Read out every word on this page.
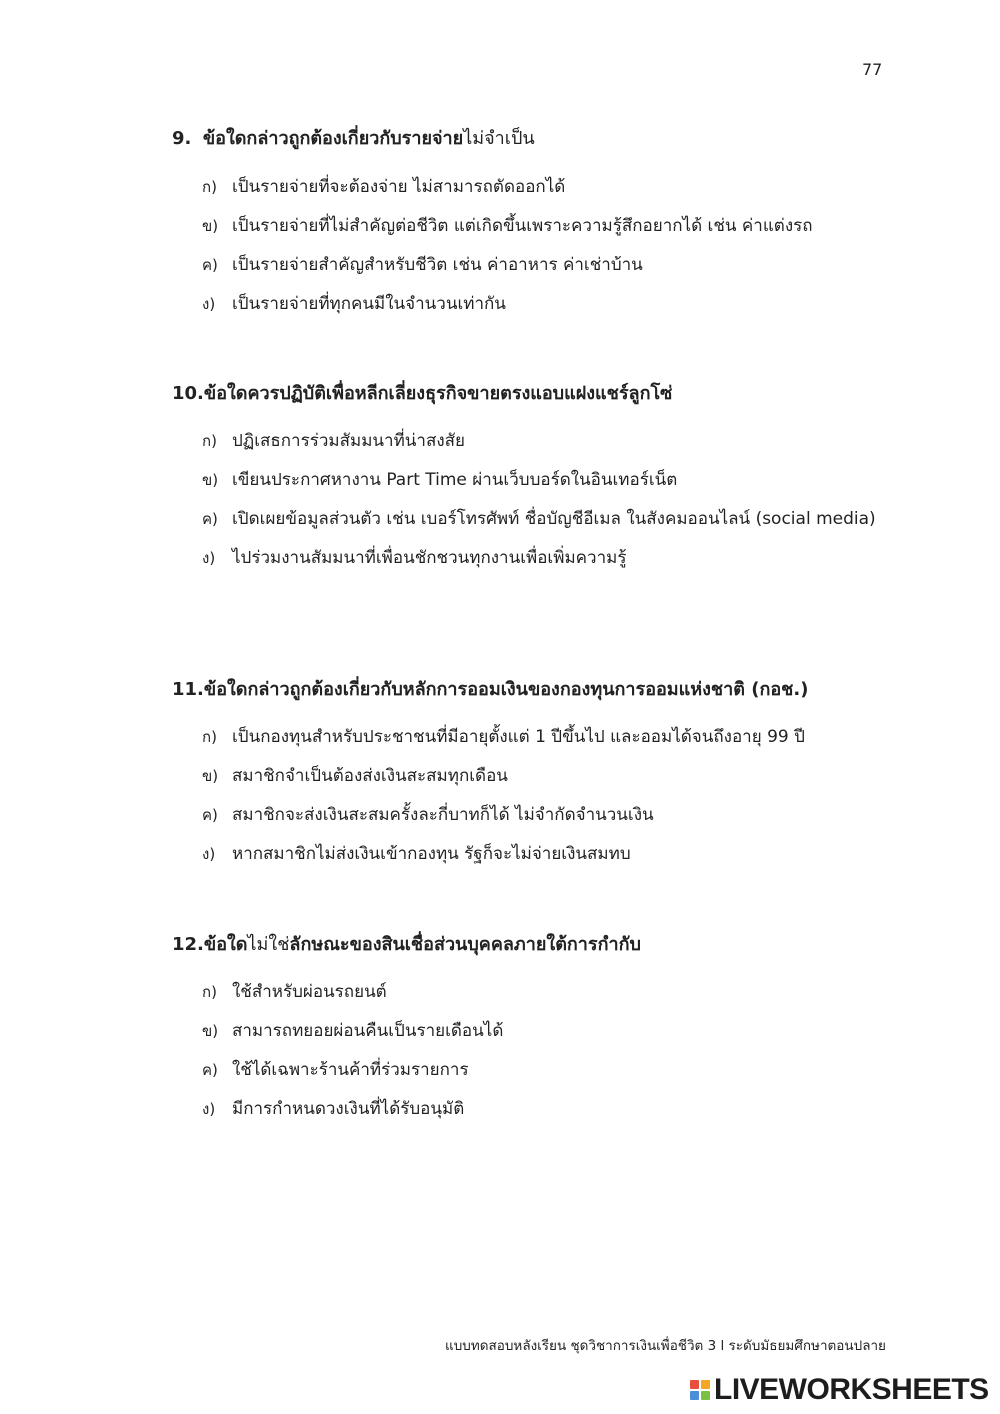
77

9. ข้อใดกล่าวถูกต้องเกี่ยวกับรายจ่ายไม่จำเป็น

ก) เป็นรายจ่ายที่จะต้องจ่าย ไม่สามารถตัดออกได้
ข) เป็นรายจ่ายที่ไม่สำคัญต่อชีวิต แต่เกิดขึ้นเพราะความรู้สึกอยากได้ เช่น ค่าแต่งรถ
ค) เป็นรายจ่ายสำคัญสำหรับชีวิต เช่น ค่าอาหาร ค่าเช่าบ้าน
ง) เป็นรายจ่ายที่ทุกคนมีในจำนวนเท่ากัน

10.ข้อใดควรปฏิบัติเพื่อหลีกเลี่ยงธุรกิจขายตรงแอบแฝงแชร์ลูกโซ่

ก) ปฏิเสธการร่วมสัมมนาที่น่าสงสัย
ข) เขียนประกาศหางาน Part Time ผ่านเว็บบอร์ดในอินเทอร์เน็ต
ค) เปิดเผยข้อมูลส่วนตัว เช่น เบอร์โทรศัพท์ ชื่อบัญชีอีเมล ในสังคมออนไลน์ (social media)
ง) ไปร่วมงานสัมมนาที่เพื่อนชักชวนทุกงานเพื่อเพิ่มความรู้

11.ข้อใดกล่าวถูกต้องเกี่ยวกับหลักการออมเงินของกองทุนการออมแห่งชาติ (กอช.)

ก) เป็นกองทุนสำหรับประชาชนที่มีอายุตั้งแต่ 1 ปีขึ้นไป และออมได้จนถึงอายุ 99 ปี
ข) สมาชิกจำเป็นต้องส่งเงินสะสมทุกเดือน
ค) สมาชิกจะส่งเงินสะสมครั้งละกี่บาทก็ได้ ไม่จำกัดจำนวนเงิน
ง) หากสมาชิกไม่ส่งเงินเข้ากองทุน รัฐก็จะไม่จ่ายเงินสมทบ

12.ข้อใดไม่ใช่ลักษณะของสินเชื่อส่วนบุคคลภายใต้การกำกับ

ก) ใช้สำหรับผ่อนรถยนต์
ข) สามารถทยอยผ่อนคืนเป็นรายเดือนได้
ค) ใช้ได้เฉพาะร้านค้าที่ร่วมรายการ
ง) มีการกำหนดวงเงินที่ได้รับอนุมัติ
แบบทดสอบหลังเรียน ชุดวิชาการเงินเพื่อชีวิต 3 l ระดับมัธยมศึกษาตอนปลาย
LIVEWORKSHEETS
